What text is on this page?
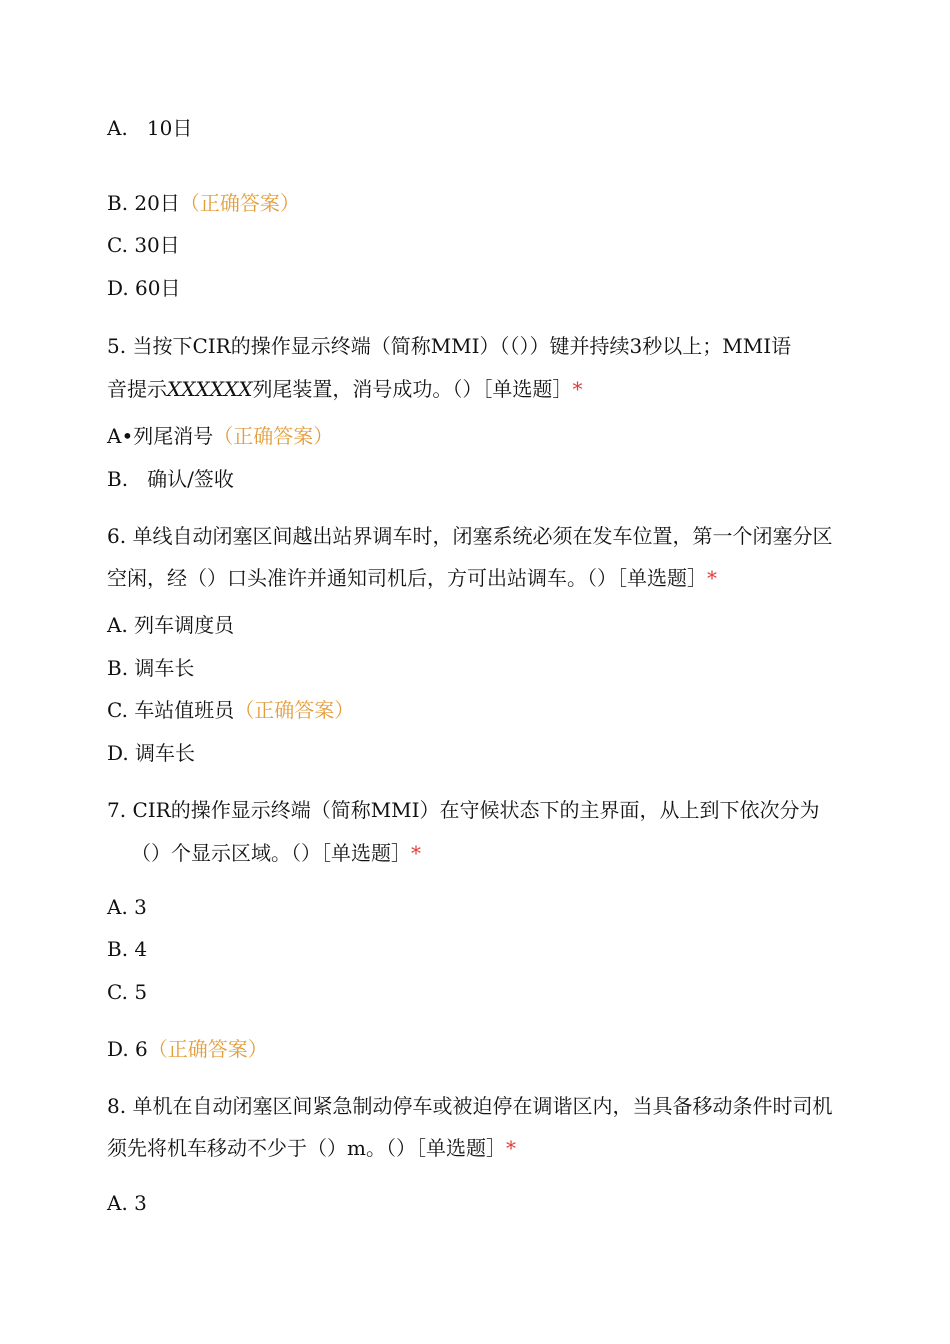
A. 10日
B. 20日（正确答案）
C. 30日
D. 60日
5. 当按下CIR的操作显示终端（简称MMI）（（））键并持续3秒以上；MMI语
音提示XXXXXX列尾装置，消号成功。（）［单选题］*
A•列尾消号（正确答案）
B. 确认/签收
6. 单线自动闭塞区间越出站界调车时，闭塞系统必须在发车位置，第一个闭塞分区
空闲，经（）口头准许并通知司机后，方可出站调车。（）［单选题］*
A. 列车调度员
B. 调车长
C. 车站值班员（正确答案）
D. 调车长
7. CIR的操作显示终端（简称MMI）在守候状态下的主界面，从上到下依次分为
（）个显示区域。（）［单选题］*
A. 3
B. 4
C. 5
D. 6（正确答案）
8. 单机在自动闭塞区间紧急制动停车或被迫停在调谐区内，当具备移动条件时司机
须先将机车移动不少于（）m。（）［单选题］*
A. 3
